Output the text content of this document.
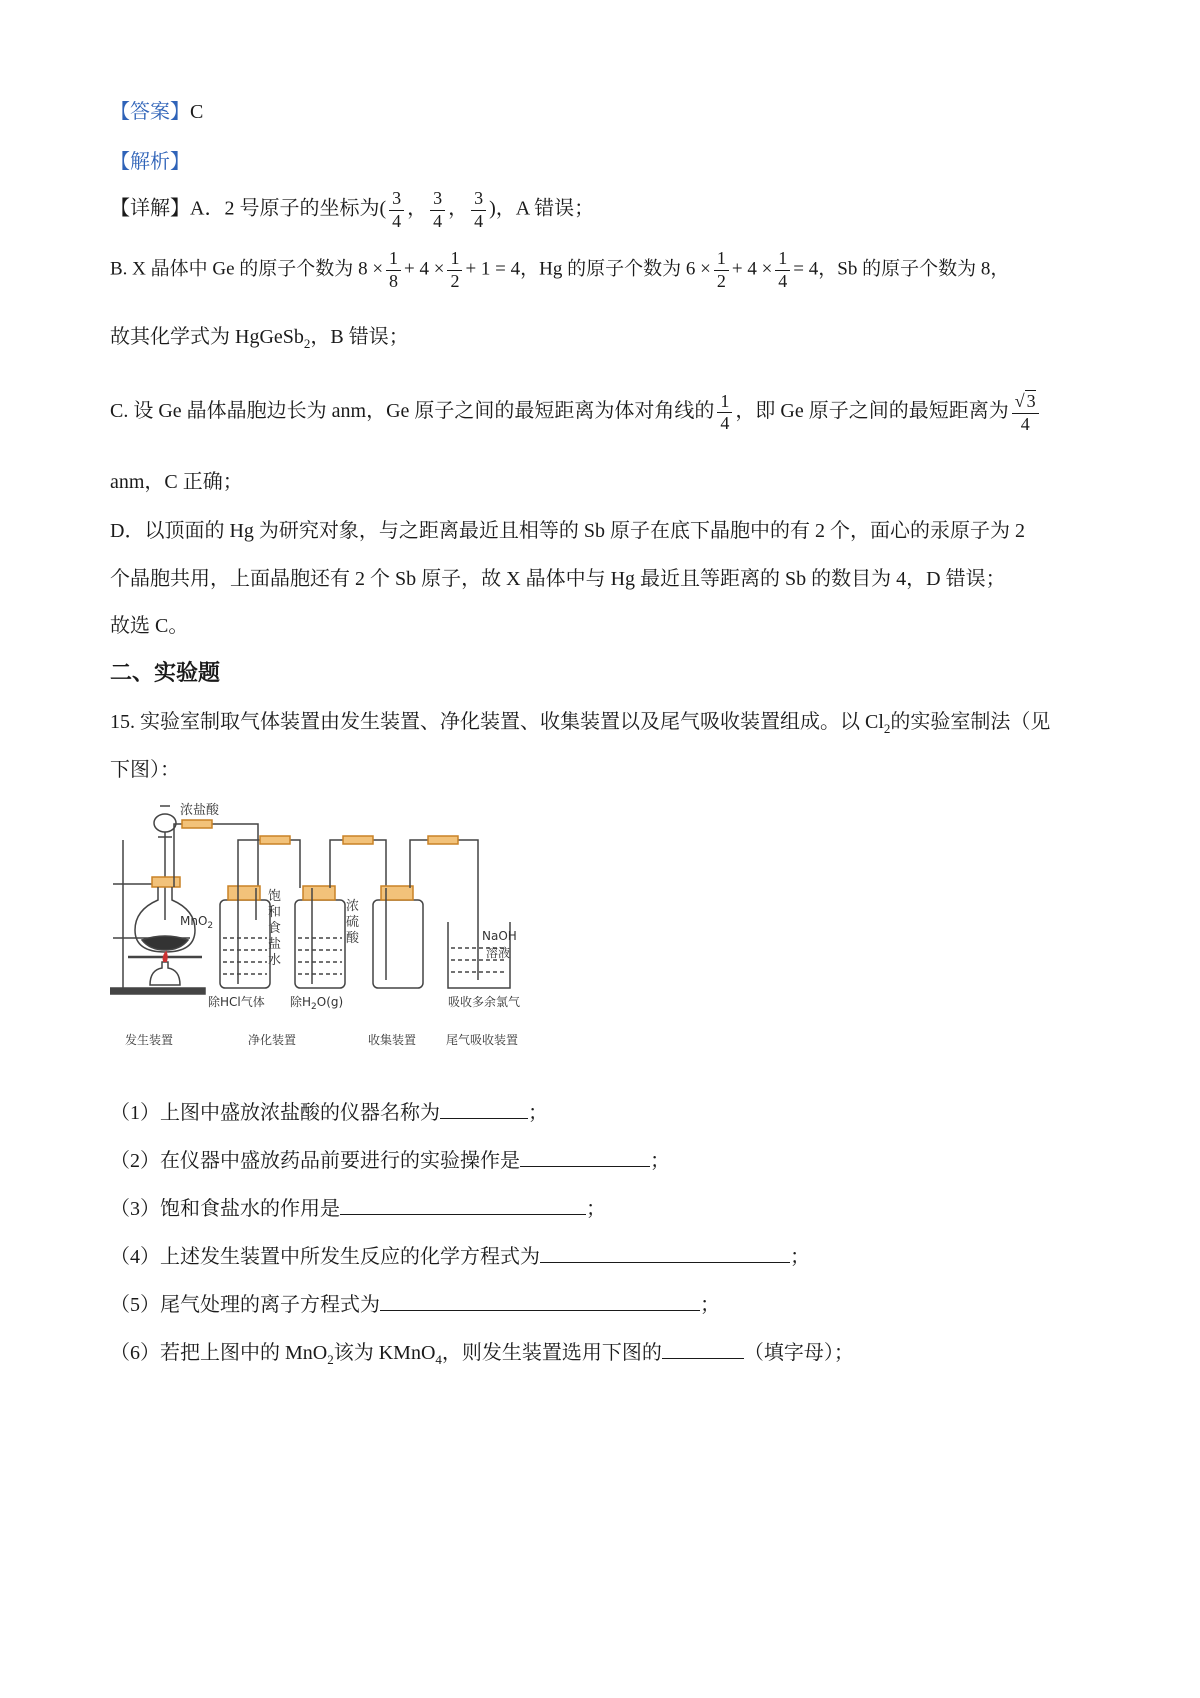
【答案】C
【解析】
【详解】A．2 号原子的坐标为( $\frac{3}{4}$ ， $\frac{3}{4}$ ， $\frac{3}{4}$ )，A 错误；
B. X 晶体中 Ge 的原子个数为 $8 \times \frac{1}{8} + 4 \times \frac{1}{2} + 1 = 4$，Hg 的原子个数为 $6 \times \frac{1}{2} + 4 \times \frac{1}{4} = 4$，Sb 的原子个数为 8，
故其化学式为 HgGeSb$_2$，B 错误；
C. 设 Ge 晶体晶胞边长为 anm，Ge 原子之间的最短距离为体对角线的 $\frac{1}{4}$ ，即 Ge 原子之间的最短距离为 $\frac{√ 3}{4}$
anm，C 正确；
D．以顶面的 Hg 为研究对象，与之距离最近且相等的 Sb 原子在底下晶胞中的有 2 个，面心的汞原子为 2
个晶胞共用，上面晶胞还有 2 个 Sb 原子，故 X 晶体中与 Hg 最近且等距离的 Sb 的数目为 4，D 错误；
故选 C。
二、实验题
15. 实验室制取气体装置由发生装置、净化装置、收集装置以及尾气吸收装置组成。以 $Cl_2$的实验室制法（见
下图）：
浓盐酸
MnO$_2$
饱
和
食
盐
水
浓
硫
酸	NaOH
溶液
除HCl气体 除$H_2O(g)$	吸收多余氯气
发生装置	净化装置	收集装置 尾气吸收装置
（1）上图中盛放浓盐酸的仪器名称为	；
（2）在仪器中盛放药品前要进行的实验操作是	；
（3）饱和食盐水的作用是	；
（4）上述发生装置中所发生反应的化学方程式为	；
（5）尾气处理的离子方程式为	；
（6）若把上图中的 MnO$_2$该为 KMnO$_4$，则发生装置选用下图的	（填字母）；
